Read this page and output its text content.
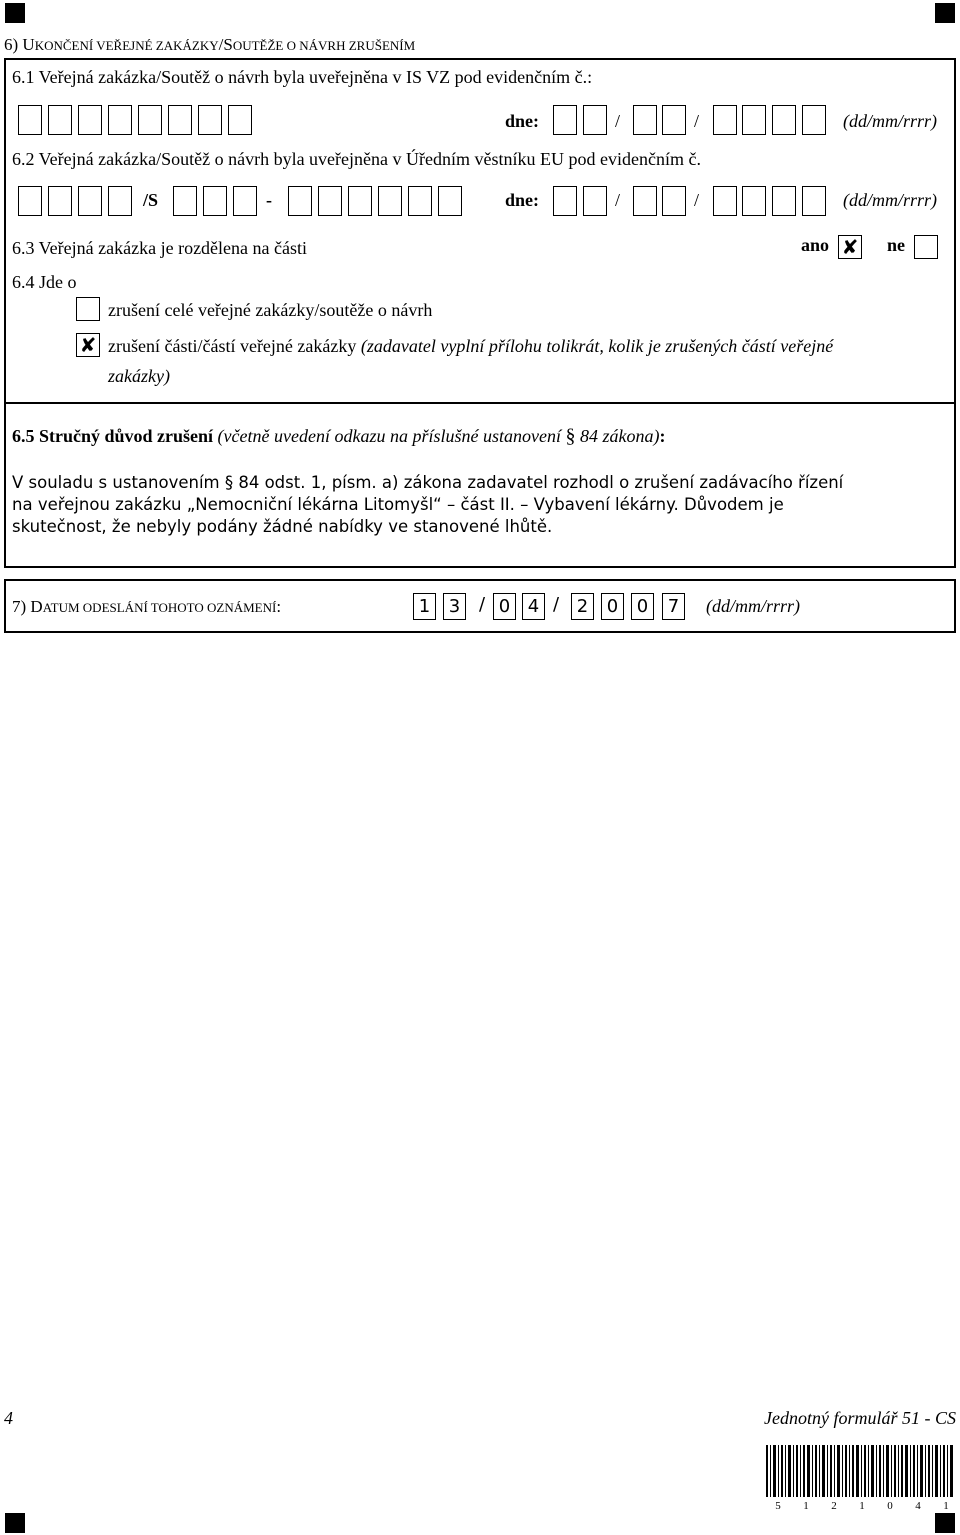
6) UKONČENÍ VEŘEJNÉ ZAKÁZKY/SOUTĚŽE O NÁVRH ZRUŠENÍM
6.1 Veřejná zakázka/Soutěž o návrh byla uveřejněna v IS VZ pod evidenčním č.:
dne:	/	/	(dd/mm/rrrr)
6.2 Veřejná zakázka/Soutěž o návrh byla uveřejněna v Úředním věstníku EU pod evidenčním č.
/S	-	dne:	/	/	(dd/mm/rrrr)
6.3 Veřejná zakázka je rozdělena na části	ano ✘ ne
6.4 Jde o
zrušení celé veřejné zakázky/soutěže o návrh
✘ zrušení části/částí veřejné zakázky (zadavatel vyplní přílohu tolikrát, kolik je zrušených částí veřejné
zakázky)
6.5 Stručný důvod zrušení (včetně uvedení odkazu na příslušné ustanovení § 84 zákona):
V souladu s ustanovením § 84 odst. 1, písm. a) zákona zadavatel rozhodl o zrušení zadávacího řízení
na veřejnou zakázku „Nemocniční lékárna Litomyšl“ – část II. – Vybavení lékárny. Důvodem je
skutečnost, že nebyly podány žádné nabídky ve stanovené lhůtě.
7) DATUM ODESLÁNÍ TOHOTO OZNÁMENÍ:	1	3	/ 0 4 / 2	0	0	7	(dd/mm/rrrr)
4	Jednotný formulář 51 - CS
5 1 2 1 0 4 1
